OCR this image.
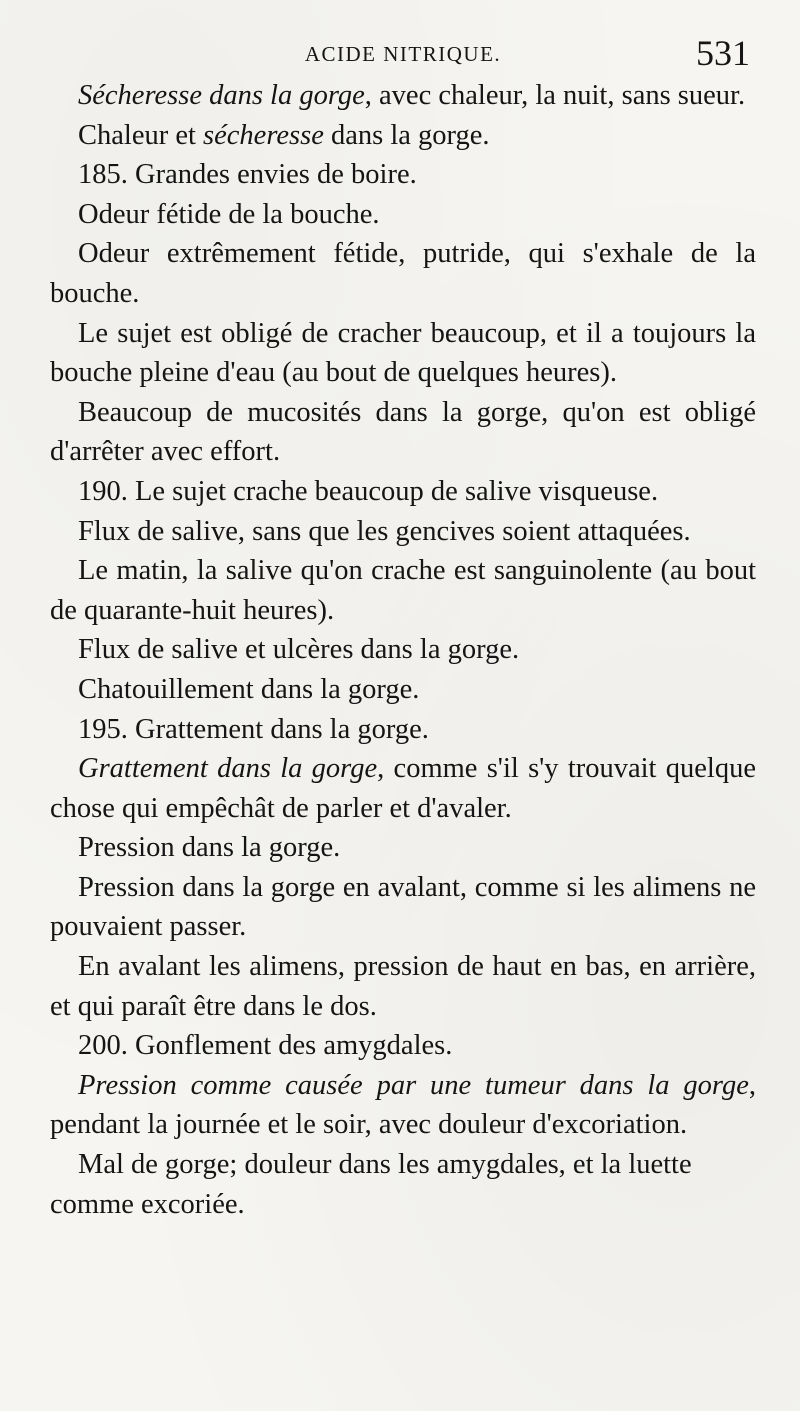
ACIDE NITRIQUE.	531

Sécheresse dans la gorge, avec chaleur, la nuit, sans sueur.

Chaleur et sécheresse dans la gorge.

185. Grandes envies de boire.

Odeur fétide de la bouche.

Odeur extrêmement fétide, putride, qui s'exhale de la bouche.

Le sujet est obligé de cracher beaucoup, et il a toujours la bouche pleine d'eau (au bout de quelques heures).

Beaucoup de mucosités dans la gorge, qu'on est obligé d'arrêter avec effort.

190. Le sujet crache beaucoup de salive visqueuse.

Flux de salive, sans que les gencives soient attaquées.

Le matin, la salive qu'on crache est sanguinolente (au bout de quarante-huit heures).

Flux de salive et ulcères dans la gorge.

Chatouillement dans la gorge.

195. Grattement dans la gorge.

Grattement dans la gorge, comme s'il s'y trouvait quelque chose qui empêchât de parler et d'avaler.

Pression dans la gorge.

Pression dans la gorge en avalant, comme si les alimens ne pouvaient passer.

En avalant les alimens, pression de haut en bas, en arrière, et qui paraît être dans le dos.

200. Gonflement des amygdales.

Pression comme causée par une tumeur dans la gorge, pendant la journée et le soir, avec douleur d'excoriation.

Mal de gorge; douleur dans les amygdales, et la luette comme excoriée.
